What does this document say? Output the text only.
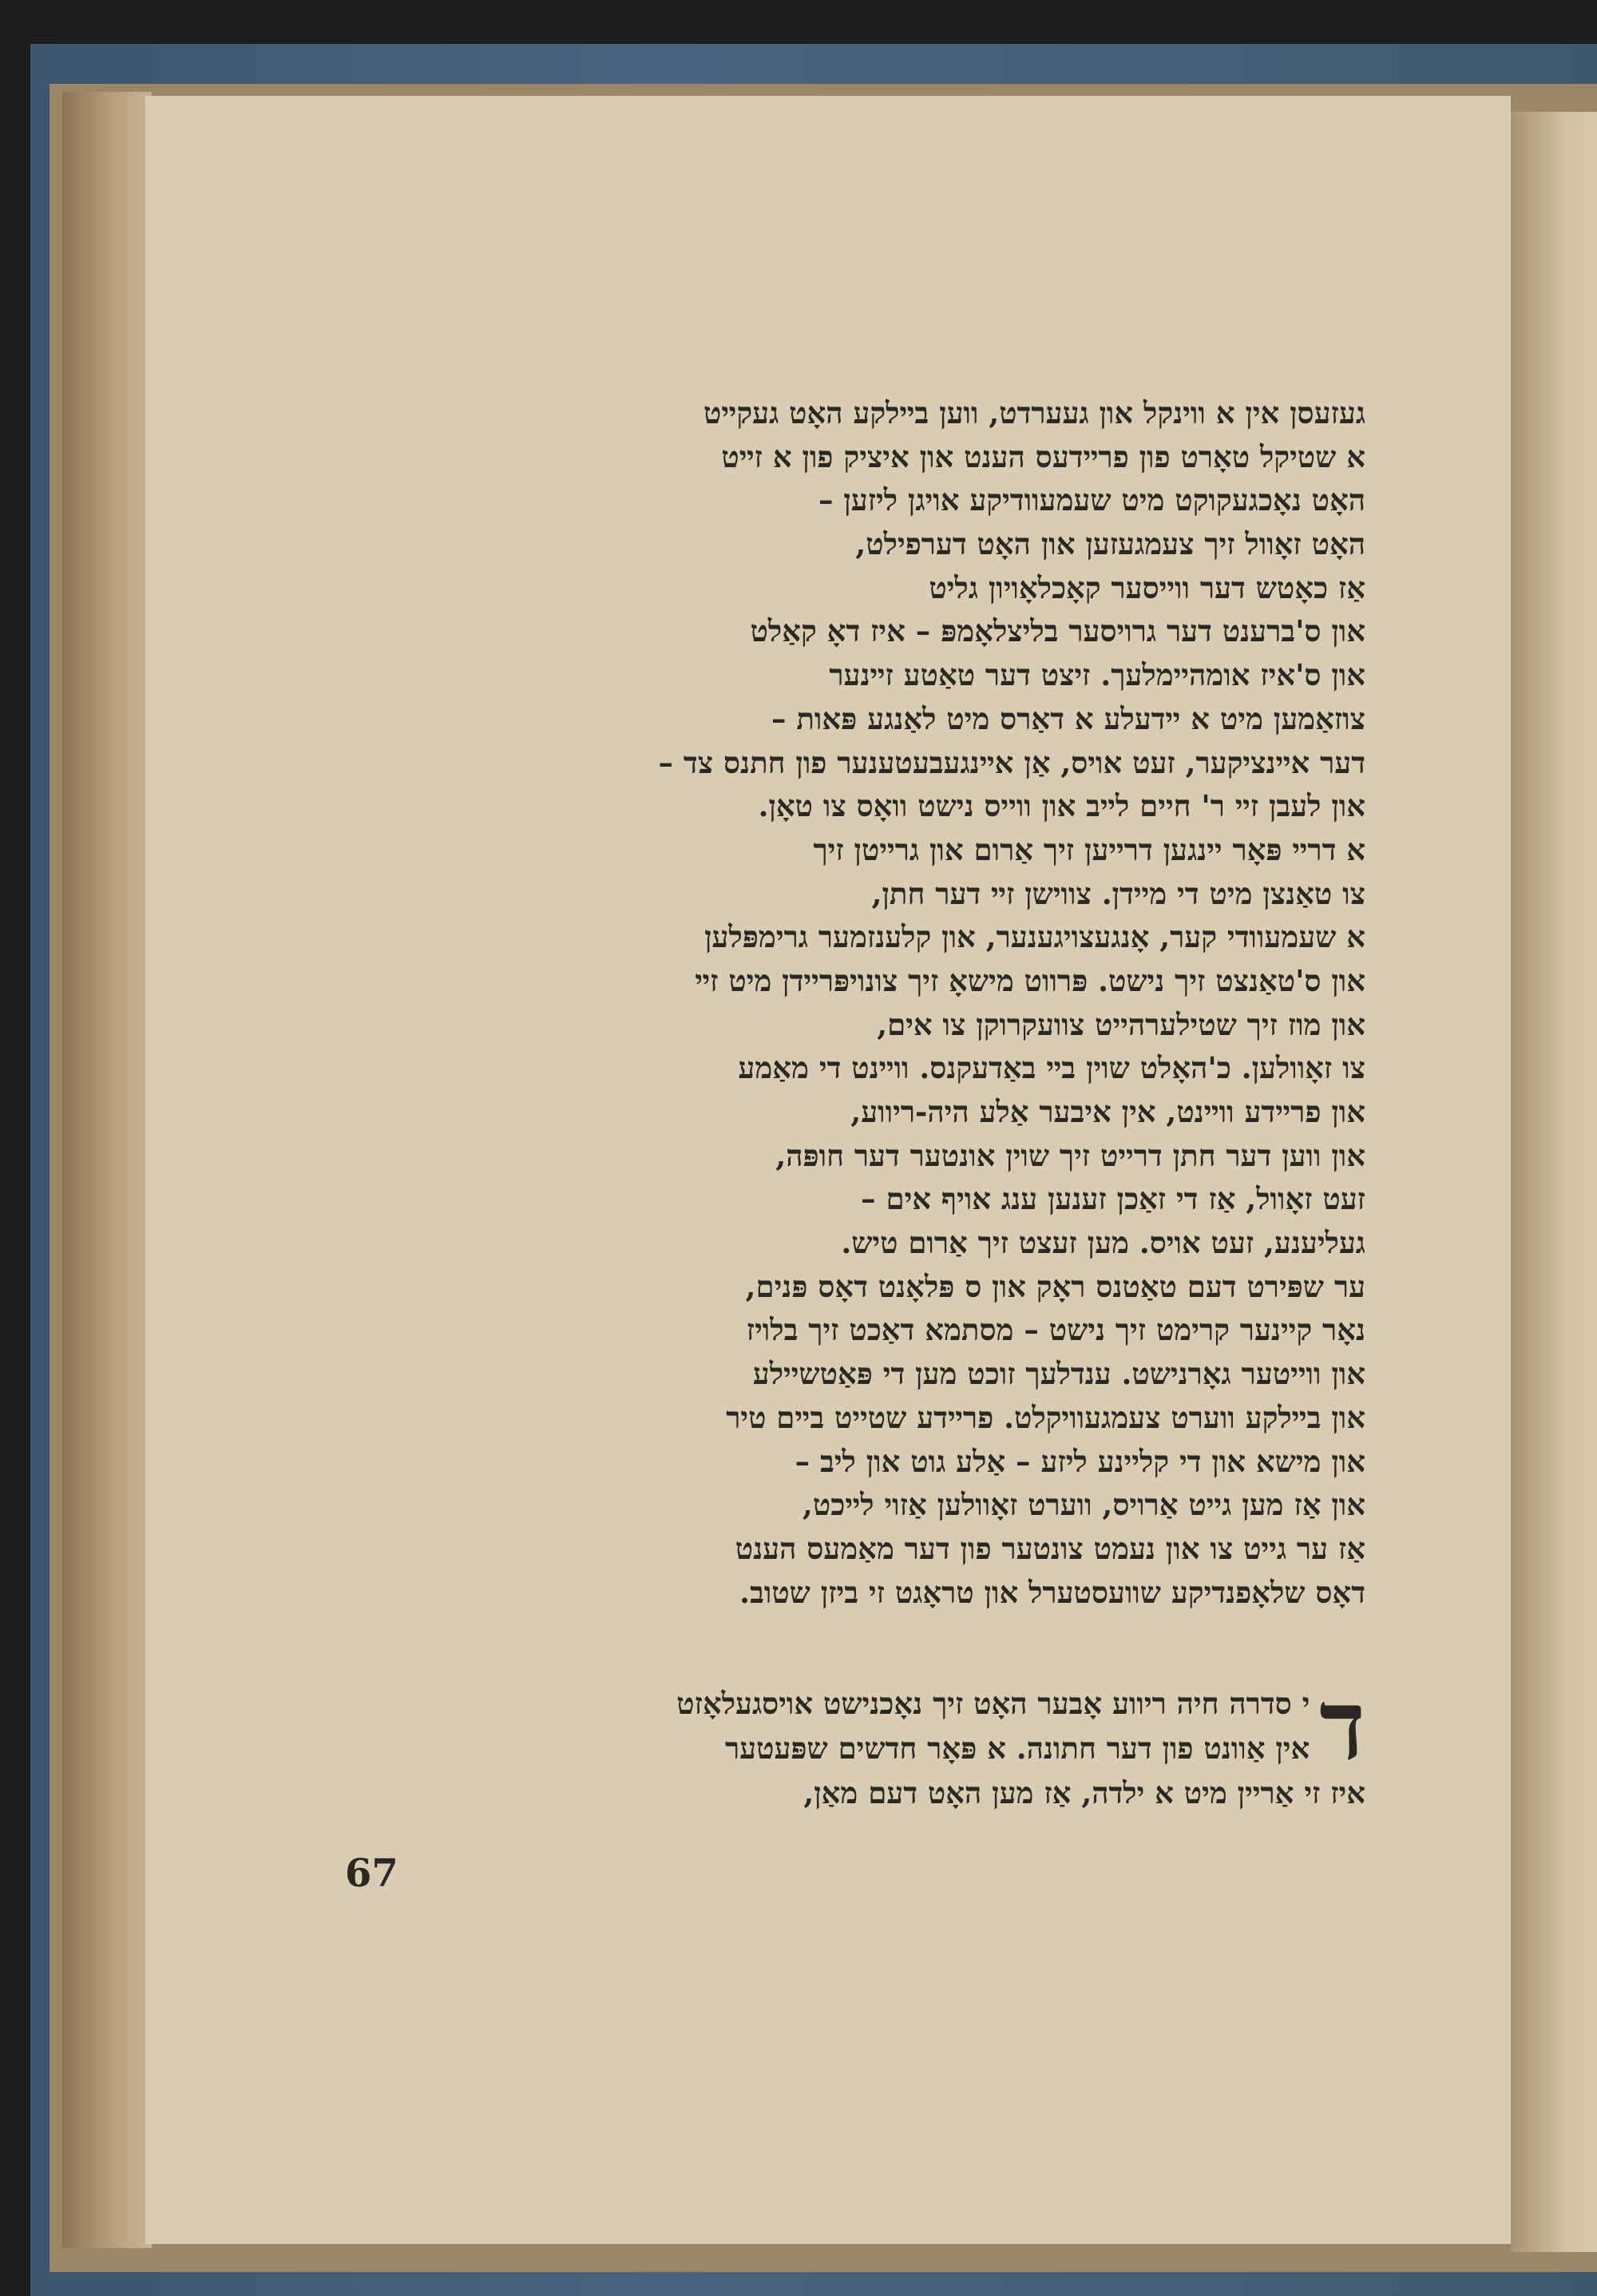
געזעסן אין א ווינקל און געערדט, ווען בײלקע האָט געקײט
א שטיקל טאָרט פון פרײדעס הענט און איציק פון א זײט
האָט נאָכגעקוקט מיט שעמעוודיקע אויגן ליזען –
האָט זאָוול זיך צעמגעזען און האָט דערפילט,
אַז כאָטש דער ווייסער קאָכלאָויון גליט
און ס'ברענט דער גרויסער בליצלאָמפּ – איז דאָ קאַלט
און ס'איז אומהיימלעך. זיצט דער טאַטע זײנער
צוזאַמען מיט א ײדעלע א דאַרס מיט לאַנגע פּאות –
דער אײנציקער, זעט אויס, אַן אײנגעבעטענער פון חתנס צד –
און לעבן זײ ר' חיים לײב און ווייס נישט וואָס צו טאָן.
א דרײ פּאָר יינגען דרייען זיך אַרום און גרייטן זיך
צו טאַנצן מיט די מיידן. צווישן זײ דער חתן,
א שעמעוודי קער, אָנגעצויגענער, און קלענזמער גרימפּלען
און ס'טאַנצט זיך נישט. פּרווט מישאָ זיך צונויפּריידן מיט זײ
און מוז זיך שטילערהייט צוועקרוקן צו אים,
צו זאָוולען. כ'האָלט שוין בײ באַדעקנס. ווײנט די מאַמע
און פרײדע ווײנט, אין איבער אַלע היה-ריווע,
און ווען דער חתן דרייט זיך שוין אונטער דער חופּה,
זעט זאָוול, אַז די זאַכן זענען ענג אויף אים –
געליענע, זעט אויס. מען זעצט זיך אַרום טיש.
ער שפּירט דעם טאַטנס ראָק און ס פּלאָנט דאָס פּנים,
נאָר קיינער קרימט זיך נישט – מסתמא דאַכט זיך בלויז
און ווייטער גאָרנישט. ענדלעך זוכט מען די פּאַטשיילע
און בײלקע ווערט צעמגעוויקלט. פרײדע שטייט בײם טיר
און מישא און די קליינע ליזע – אַלע גוט און ליב –
און אַז מען גייט אַרויס, ווערט זאָוולען אַזוי לײכט,
אַז ער גייט צו און נעמט צונטער פון דער מאַמעס הענט
דאָס שלאָפנדיקע שוועסטערל און טראָגט זי ביזן שטוב.
ד
י סדרה חיה ריווע אָבער האָט זיך נאָכנישט אויסגעלאָזט
אין אַוונט פון דער חתונה. א פּאָר חדשים שפּעטער
איז זי אַריין מיט א ילדה, אַז מען האָט דעם מאַן,
67
